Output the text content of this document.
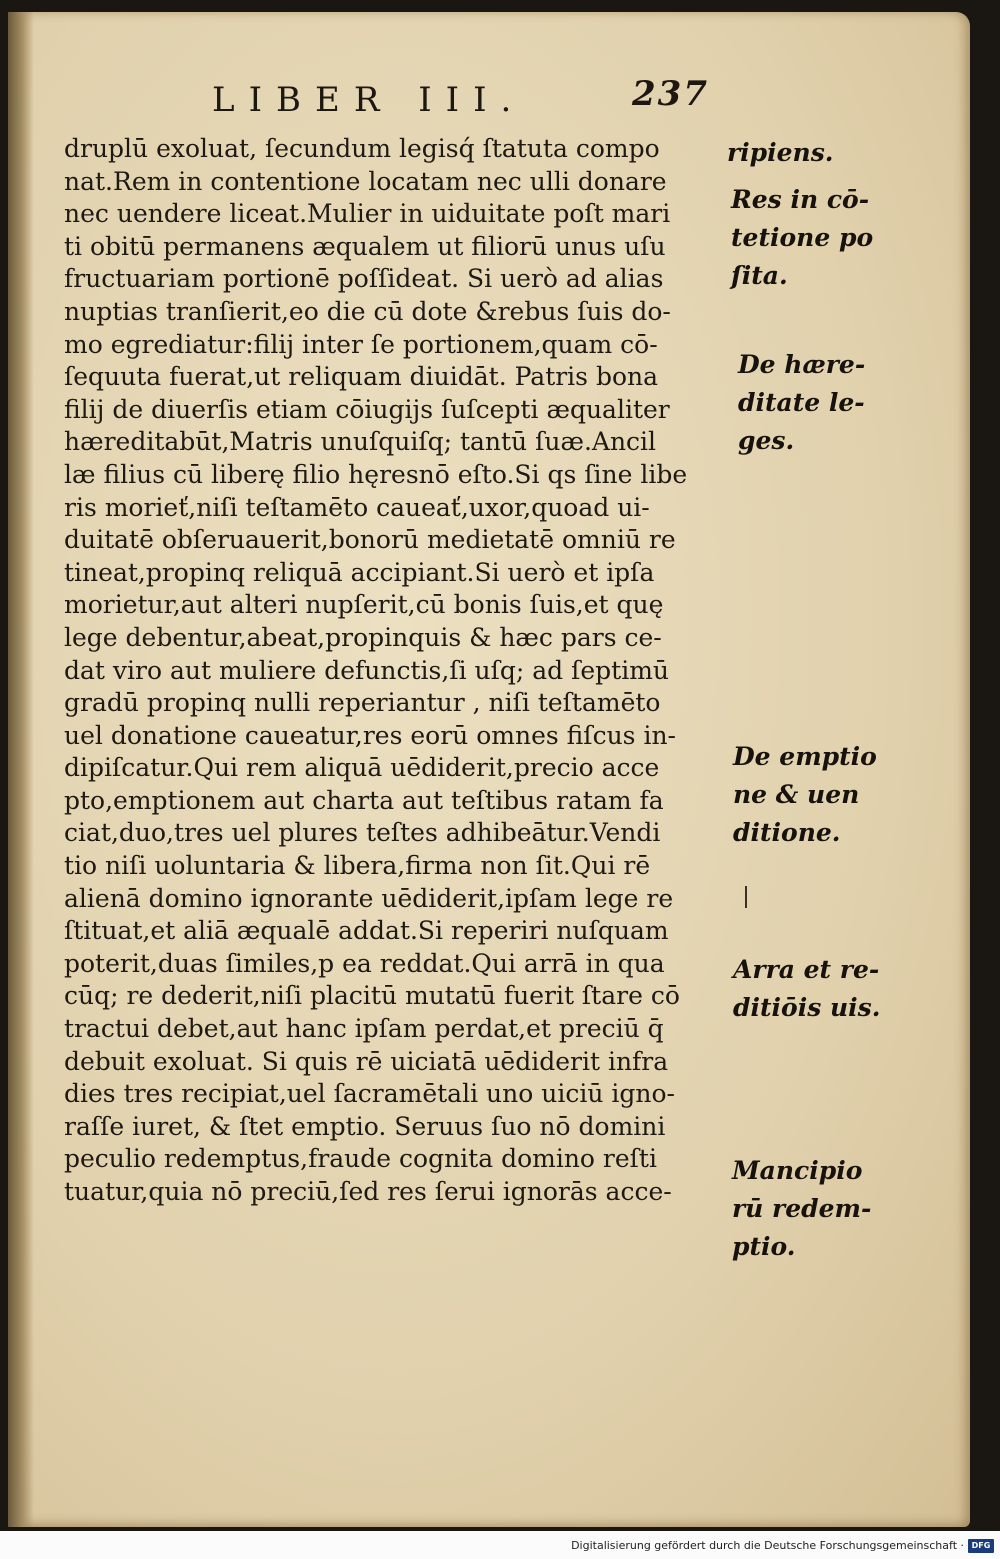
LIBER III.	237
druplū exoluat, ſecundum legisq́ ſtatuta compo
nat.Rem in contentione locatam nec ulli donare
nec uendere liceat.Mulier in uiduitate poſt mari
ti obitū permanens æqualem ut filiorū unus uſu
fructuariam portionē poſſideat. Si uerò ad alias
nuptias tranſierit,eo die cū dote &rebus ſuis do-
mo egrediatur:filij inter ſe portionem,quam cō-
ſequuta fuerat,ut reliquam diuidāt. Patris bona
filij de diuerſis etiam cōiugijs ſuſcepti æqualiter
hæreditabūt,Matris unuſquiſq; tantū ſuæ.Ancil
læ filius cū liberę filio hęresnō eſto.Si qs ſine libe
ris morieť,niſi teſtamēto caueať,uxor,quoad ui-
duitatē obſeruauerit,bonorū medietatē omniū re
tineat,propinq reliquā accipiant.Si uerò et ipſa
morietur,aut alteri nupſerit,cū bonis ſuis,et quę
lege debentur,abeat,propinquis & hæc pars ce-
dat viro aut muliere defunctis,ſi uſq; ad ſeptimū
gradū propinq nulli reperiantur , niſi teſtamēto
uel donatione caueatur,res eorū omnes fiſcus in-
dipiſcatur.Qui rem aliquā uēdiderit,precio acce
pto,emptionem aut charta aut teſtibus ratam fa
ciat,duo,tres uel plures teſtes adhibeātur.Vendi
tio niſi uoluntaria & libera,firma non ſit.Qui rē
alienā domino ignorante uēdiderit,ipſam lege re
ſtituat,et aliā æqualē addat.Si reperiri nuſquam
poterit,duas ſimiles,p ea reddat.Qui arrā in qua
cūq; re dederit,niſi placitū mutatū fuerit ſtare cō
tractui debet,aut hanc ipſam perdat,et preciū q̄
debuit exoluat. Si quis rē uiciatā uēdiderit infra
dies tres recipiat,uel ſacramētali uno uiciū igno-
raſſe iuret, & ſtet emptio. Seruus ſuo nō domini
peculio redemptus,fraude cognita domino reſti
tuatur,quia nō preciū,ſed res ſerui ignorās acce-
ripiens.
Res in cō-
tetione po
ſita.
De hære-
ditate le-
ges.
De emptio
ne & uen
ditione.
Arra et re-
ditiōis uis.
Mancipio
rū redem-
ptio.
Digitalisierung gefördert durch die Deutsche Forschungsgemeinschaft · DFG
